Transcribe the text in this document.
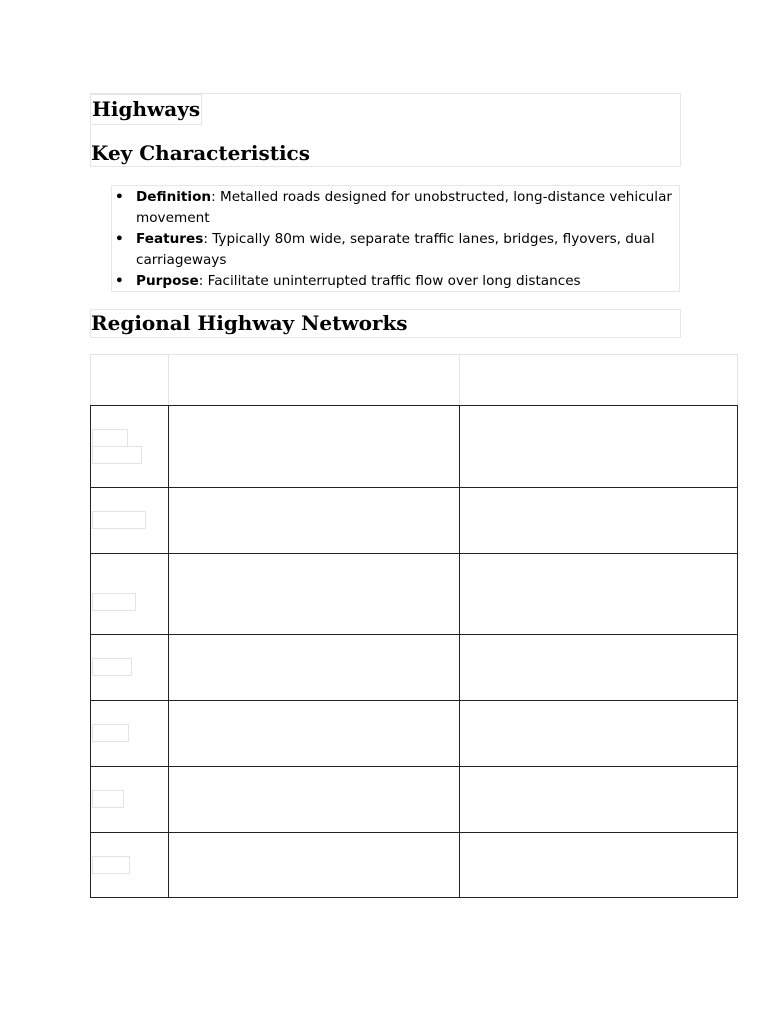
Highways
Key Characteristics
• Definition: Metalled roads designed for unobstructed, long-distance vehicular movement
• Features: Typically 80m wide, separate traffic lanes, bridges, flyovers, dual carriageways
• Purpose: Facilitate uninterrupted traffic flow over long distances
Regional Highway Networks
